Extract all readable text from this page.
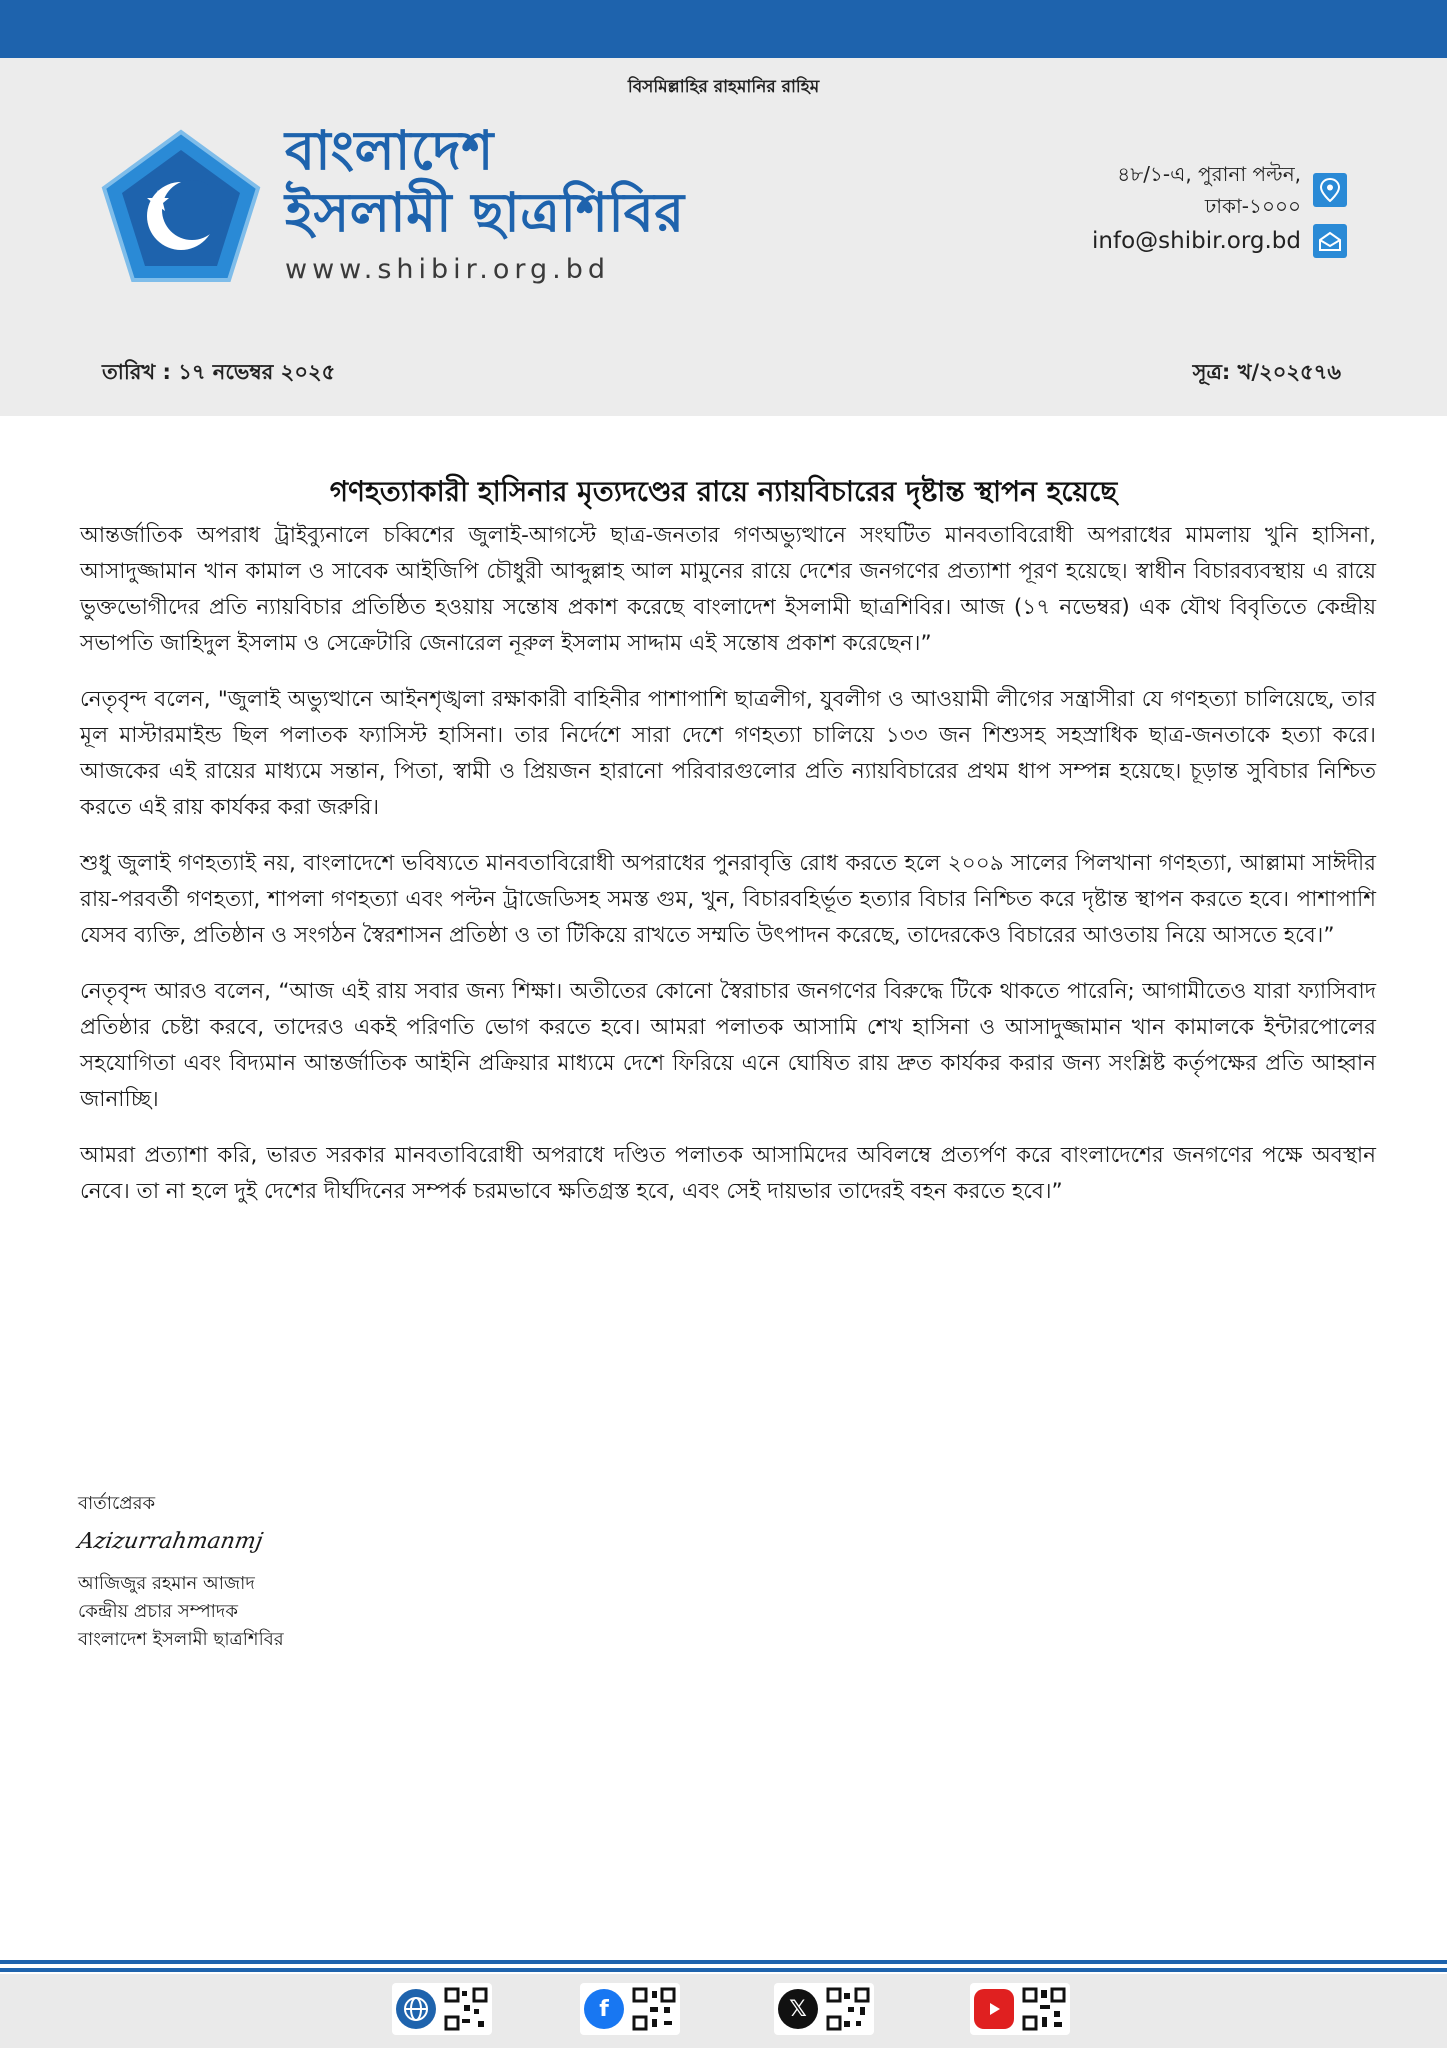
বিসমিল্লাহির রাহমানির রাহিম
বাংলাদেশ
ইসলামী ছাত্রশিবির
www.shibir.org.bd
৪৮/১-এ, পুরানা পল্টন,
ঢাকা-১০০০
info@shibir.org.bd
তারিখ : ১৭ নভেম্বর ২০২৫	সূত্র: খ/২০২৫৭৬
গণহত্যাকারী হাসিনার মৃত্যদণ্ডের রায়ে ন্যায়বিচারের দৃষ্টান্ত স্থাপন হয়েছে

আন্তর্জাতিক অপরাধ ট্রাইব্যুনালে চব্বিশের জুলাই-আগস্টে ছাত্র-জনতার গণঅভ্যুত্থানে সংঘটিত মানবতাবিরোধী অপরাধের মামলায় খুনি হাসিনা, আসাদুজ্জামান খান কামাল ও সাবেক আইজিপি চৌধুরী আব্দুল্লাহ আল মামুনের রায়ে দেশের জনগণের প্রত্যাশা পূরণ হয়েছে। স্বাধীন বিচারব্যবস্থায় এ রায়ে ভুক্তভোগীদের প্রতি ন্যায়বিচার প্রতিষ্ঠিত হওয়ায় সন্তোষ প্রকাশ করেছে বাংলাদেশ ইসলামী ছাত্রশিবির। আজ (১৭ নভেম্বর) এক যৌথ বিবৃতিতে কেন্দ্রীয় সভাপতি জাহিদুল ইসলাম ও সেক্রেটারি জেনারেল নূরুল ইসলাম সাদ্দাম এই সন্তোষ প্রকাশ করেছেন।”

নেতৃবৃন্দ বলেন, "জুলাই অভ্যুত্থানে আইনশৃঙ্খলা রক্ষাকারী বাহিনীর পাশাপাশি ছাত্রলীগ, যুবলীগ ও আওয়ামী লীগের সন্ত্রাসীরা যে গণহত্যা চালিয়েছে, তার মূল মাস্টারমাইন্ড ছিল পলাতক ফ্যাসিস্ট হাসিনা। তার নির্দেশে সারা দেশে গণহত্যা চালিয়ে ১৩৩ জন শিশুসহ সহস্রাধিক ছাত্র-জনতাকে হত্যা করে। আজকের এই রায়ের মাধ্যমে সন্তান, পিতা, স্বামী ও প্রিয়জন হারানো পরিবারগুলোর প্রতি ন্যায়বিচারের প্রথম ধাপ সম্পন্ন হয়েছে। চূড়ান্ত সুবিচার নিশ্চিত করতে এই রায় কার্যকর করা জরুরি।

শুধু জুলাই গণহত্যাই নয়, বাংলাদেশে ভবিষ্যতে মানবতাবিরোধী অপরাধের পুনরাবৃত্তি রোধ করতে হলে ২০০৯ সালের পিলখানা গণহত্যা, আল্লামা সাঈদীর রায়-পরবর্তী গণহত্যা, শাপলা গণহত্যা এবং পল্টন ট্রাজেডিসহ সমস্ত গুম, খুন, বিচারবহির্ভূত হত্যার বিচার নিশ্চিত করে দৃষ্টান্ত স্থাপন করতে হবে। পাশাপাশি যেসব ব্যক্তি, প্রতিষ্ঠান ও সংগঠন স্বৈরশাসন প্রতিষ্ঠা ও তা টিকিয়ে রাখতে সম্মতি উৎপাদন করেছে, তাদেরকেও বিচারের আওতায় নিয়ে আসতে হবে।”

নেতৃবৃন্দ আরও বলেন, “আজ এই রায় সবার জন্য শিক্ষা। অতীতের কোনো স্বৈরাচার জনগণের বিরুদ্ধে টিকে থাকতে পারেনি; আগামীতেও যারা ফ্যাসিবাদ প্রতিষ্ঠার চেষ্টা করবে, তাদেরও একই পরিণতি ভোগ করতে হবে। আমরা পলাতক আসামি শেখ হাসিনা ও আসাদুজ্জামান খান কামালকে ইন্টারপোলের সহযোগিতা এবং বিদ্যমান আন্তর্জাতিক আইনি প্রক্রিয়ার মাধ্যমে দেশে ফিরিয়ে এনে ঘোষিত রায় দ্রুত কার্যকর করার জন্য সংশ্লিষ্ট কর্তৃপক্ষের প্রতি আহ্বান জানাচ্ছি।

আমরা প্রত্যাশা করি, ভারত সরকার মানবতাবিরোধী অপরাধে দণ্ডিত পলাতক আসামিদের অবিলম্বে প্রত্যর্পণ করে বাংলাদেশের জনগণের পক্ষে অবস্থান নেবে। তা না হলে দুই দেশের দীর্ঘদিনের সম্পর্ক চরমভাবে ক্ষতিগ্রস্ত হবে, এবং সেই দায়ভার তাদেরই বহন করতে হবে।”

বার্তাপ্রেরক
Azizurrahmanmj
আজিজুর রহমান আজাদ
কেন্দ্রীয় প্রচার সম্পাদক
বাংলাদেশ ইসলামী ছাত্রশিবির
f	𝕏
